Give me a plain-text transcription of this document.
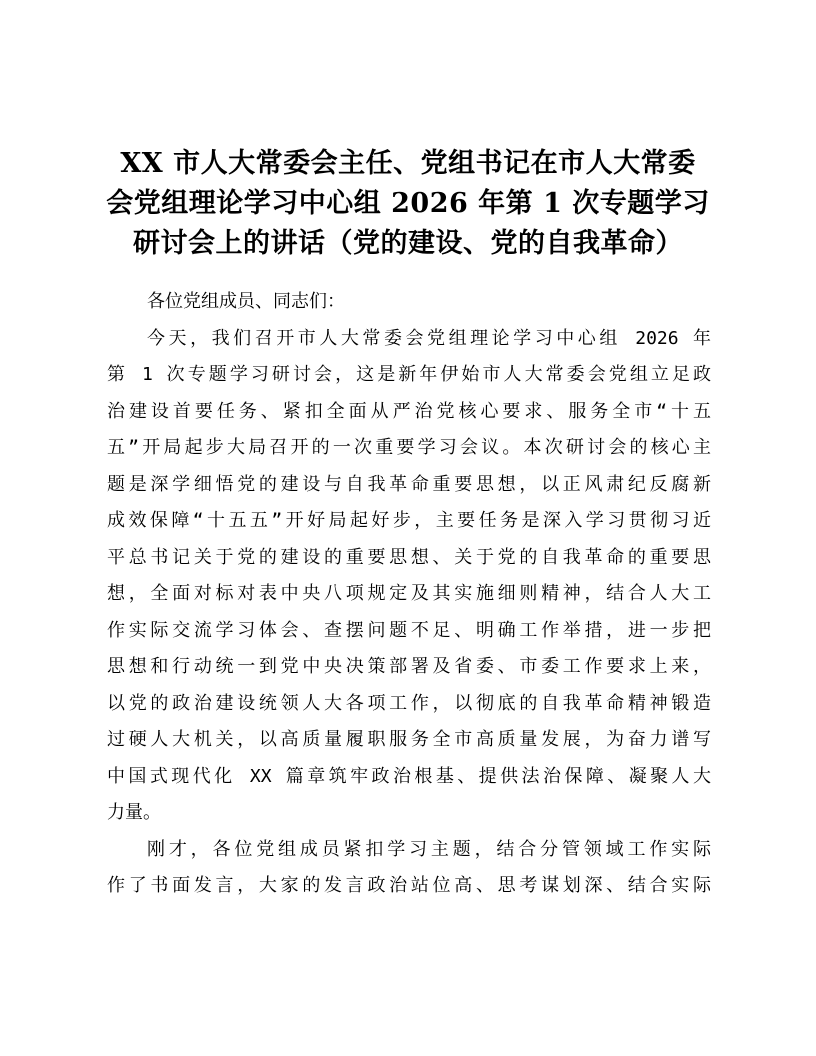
XX 市人大常委会主任、党组书记在市人大常委
会党组理论学习中心组 2026 年第 1 次专题学习
研讨会上的讲话（党的建设、党的自我革命）
各位党组成员、同志们：
今天，我们召开市人大常委会党组理论学习中心组 2026 年
第 1 次专题学习研讨会，这是新年伊始市人大常委会党组立足政
治建设首要任务、紧扣全面从严治党核心要求、服务全市“十五
五”开局起步大局召开的一次重要学习会议。本次研讨会的核心主
题是深学细悟党的建设与自我革命重要思想，以正风肃纪反腐新
成效保障“十五五”开好局起好步，主要任务是深入学习贯彻习近
平总书记关于党的建设的重要思想、关于党的自我革命的重要思
想，全面对标对表中央八项规定及其实施细则精神，结合人大工
作实际交流学习体会、查摆问题不足、明确工作举措，进一步把
思想和行动统一到党中央决策部署及省委、市委工作要求上来，
以党的政治建设统领人大各项工作，以彻底的自我革命精神锻造
过硬人大机关，以高质量履职服务全市高质量发展，为奋力谱写
中国式现代化 XX 篇章筑牢政治根基、提供法治保障、凝聚人大
力量。
刚才，各位党组成员紧扣学习主题，结合分管领域工作实际
作了书面发言，大家的发言政治站位高、思考谋划深、结合实际
